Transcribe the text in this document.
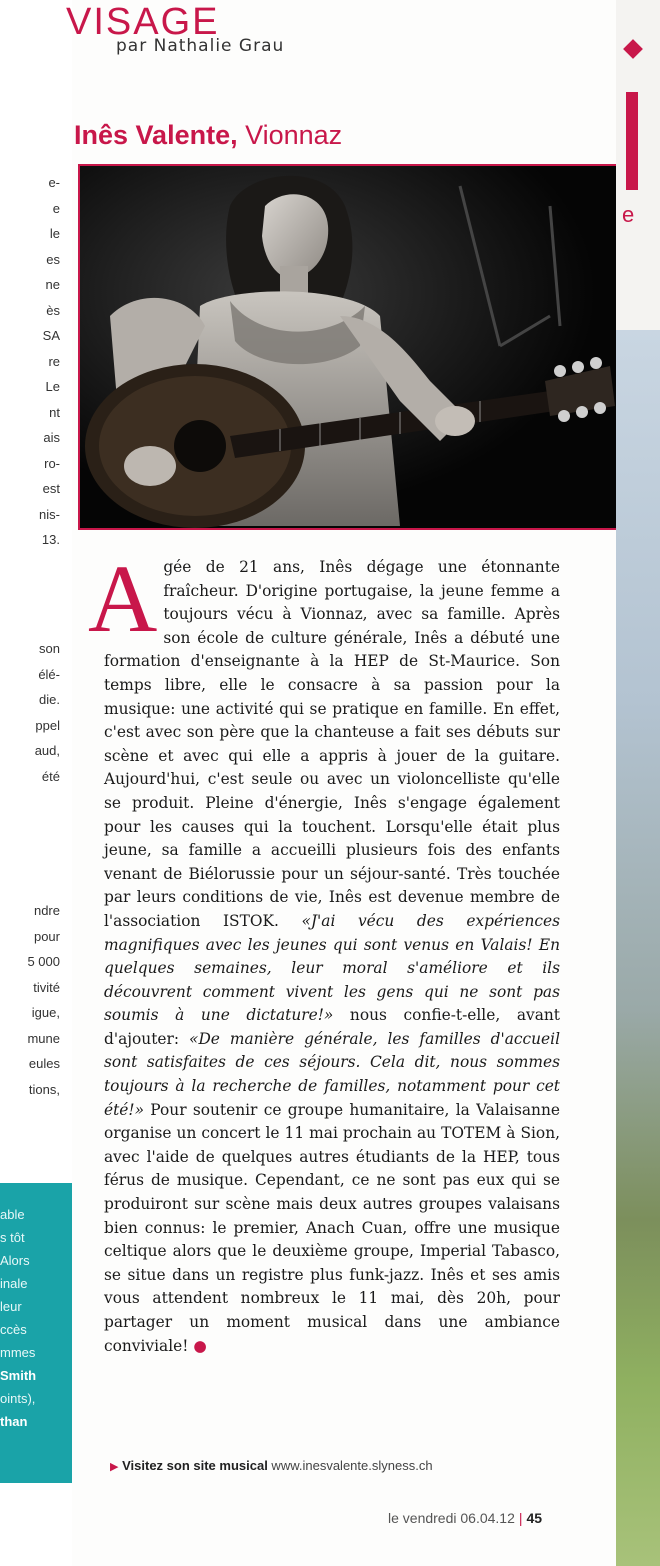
e-
e
le
es
ne
ès
SA
re
Le
nt
ais
ro-
est
nis-
13.
son
élé-
die.
ppel
aud,
été
ndre
pour
5 000
tivité
igue,
mune
eules
tions,
able
s tôt
Alors
inale
leur
ccès
mmes
Smith
oints),
than
VISAGE
par Nathalie Grau
Inês Valente, Vionnaz
Agée de 21 ans, Inês dégage une étonnante fraîcheur. D'origine portugaise, la jeune femme a toujours vécu à Vionnaz, avec sa famille. Après son école de culture générale, Inês a débuté une formation d'enseignante à la HEP de St-Maurice. Son temps libre, elle le consacre à sa passion pour la musique: une activité qui se pratique en famille. En effet, c'est avec son père que la chanteuse a fait ses débuts sur scène et avec qui elle a appris à jouer de la guitare. Aujourd'hui, c'est seule ou avec un violoncelliste qu'elle se produit. Pleine d'énergie, Inês s'engage également pour les causes qui la touchent. Lorsqu'elle était plus jeune, sa famille a accueilli plusieurs fois des enfants venant de Biélorussie pour un séjour-santé. Très touchée par leurs conditions de vie, Inês est devenue membre de l'association ISTOK. «J'ai vécu des expériences magnifiques avec les jeunes qui sont venus en Valais! En quelques semaines, leur moral s'améliore et ils découvrent comment vivent les gens qui ne sont pas soumis à une dictature!» nous confie-t-elle, avant d'ajouter: «De manière générale, les familles d'accueil sont satisfaites de ces séjours. Cela dit, nous sommes toujours à la recherche de familles, notamment pour cet été!» Pour soutenir ce groupe humanitaire, la Valaisanne organise un concert le 11 mai prochain au TOTEM à Sion, avec l'aide de quelques autres étudiants de la HEP, tous férus de musique. Cependant, ce ne sont pas eux qui se produiront sur scène mais deux autres groupes valaisans bien connus: le premier, Anach Cuan, offre une musique celtique alors que le deuxième groupe, Imperial Tabasco, se situe dans un registre plus funk-jazz. Inês et ses amis vous attendent nombreux le 11 mai, dès 20h, pour partager un moment musical dans une ambiance conviviale! ●
▶ Visitez son site musical www.inesvalente.slyness.ch
le vendredi 06.04.12 | 45
e
